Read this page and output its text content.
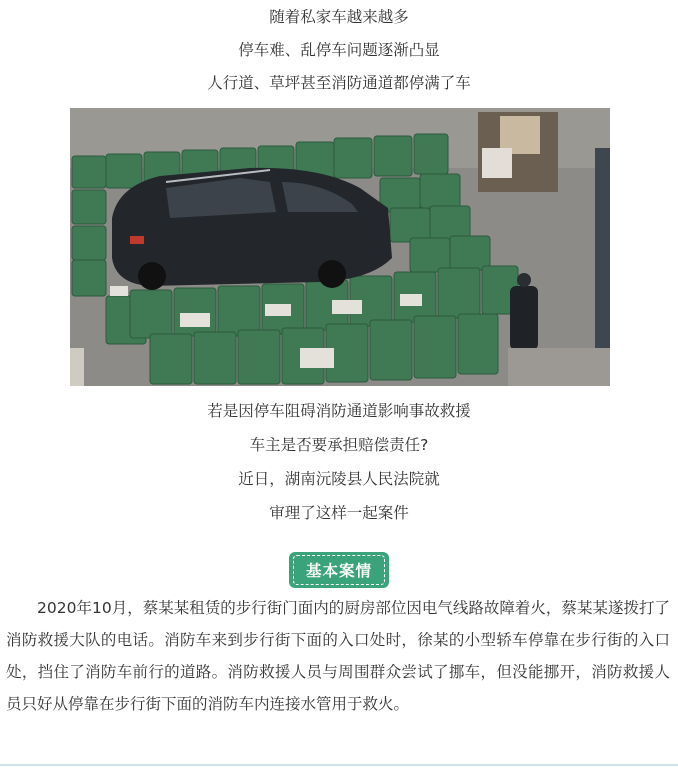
随着私家车越来越多
停车难、乱停车问题逐渐凸显
人行道、草坪甚至消防通道都停满了车
若是因停车阻碍消防通道影响事故救援
车主是否要承担赔偿责任?
近日，湖南沅陵县人民法院就
审理了这样一起案件
基本案情

2020年10月，蔡某某租赁的步行街门面内的厨房部位因电气线路故障着火，蔡某某遂拨打了消防救援大队的电话。消防车来到步行街下面的入口处时，徐某的小型轿车停靠在步行街的入口处，挡住了消防车前行的道路。消防救援人员与周围群众尝试了挪车，但没能挪开，消防救援人员只好从停靠在步行街下面的消防车内连接水管用于救火。
